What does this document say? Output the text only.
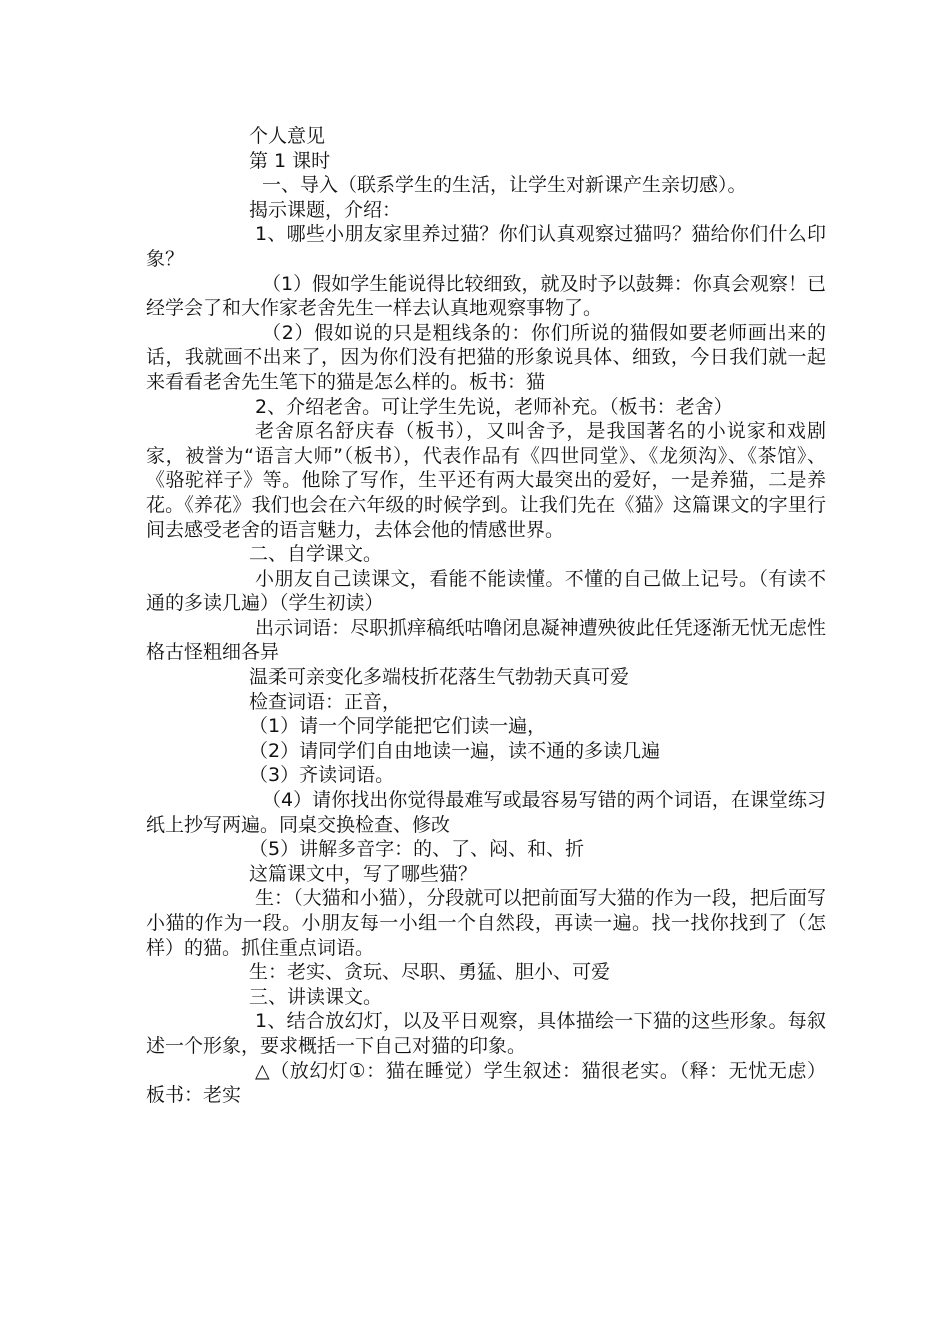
个人意见

第 1 课时

一、导入（联系学生的生活，让学生对新课产生亲切感）。

揭示课题，介绍：

1、哪些小朋友家里养过猫？你们认真观察过猫吗？猫给你们什么印象？

（1）假如学生能说得比较细致，就及时予以鼓舞：你真会观察！已经学会了和大作家老舍先生一样去认真地观察事物了。

（2）假如说的只是粗线条的：你们所说的猫假如要老师画出来的话，我就画不出来了，因为你们没有把猫的形象说具体、细致，今日我们就一起来看看老舍先生笔下的猫是怎么样的。板书：猫

2、介绍老舍。可让学生先说，老师补充。（板书：老舍）

老舍原名舒庆春（板书），又叫舍予，是我国著名的小说家和戏剧家，被誉为“语言大师”（板书），代表作品有《四世同堂》、《龙须沟》、《茶馆》、《骆驼祥子》等。他除了写作，生平还有两大最突出的爱好，一是养猫，二是养花。《养花》我们也会在六年级的时候学到。让我们先在《猫》这篇课文的字里行间去感受老舍的语言魅力，去体会他的情感世界。

二、自学课文。

小朋友自己读课文，看能不能读懂。不懂的自己做上记号。（有读不通的多读几遍）（学生初读）

出示词语：尽职抓痒稿纸咕噜闭息凝神遭殃彼此任凭逐渐无忧无虑性格古怪粗细各异

温柔可亲变化多端枝折花落生气勃勃天真可爱

检查词语：正音，

（1）请一个同学能把它们读一遍，

（2）请同学们自由地读一遍，读不通的多读几遍

（3）齐读词语。

（4）请你找出你觉得最难写或最容易写错的两个词语，在课堂练习纸上抄写两遍。同桌交换检查、修改

（5）讲解多音字：的、了、闷、和、折

这篇课文中，写了哪些猫？

生：（大猫和小猫），分段就可以把前面写大猫的作为一段，把后面写小猫的作为一段。小朋友每一小组一个自然段，再读一遍。找一找你找到了（怎样）的猫。抓住重点词语。

生：老实、贪玩、尽职、勇猛、胆小、可爱

三、讲读课文。

1、结合放幻灯，以及平日观察，具体描绘一下猫的这些形象。每叙述一个形象，要求概括一下自己对猫的印象。

△（放幻灯①：猫在睡觉）学生叙述：猫很老实。（释：无忧无虑）板书：老实
